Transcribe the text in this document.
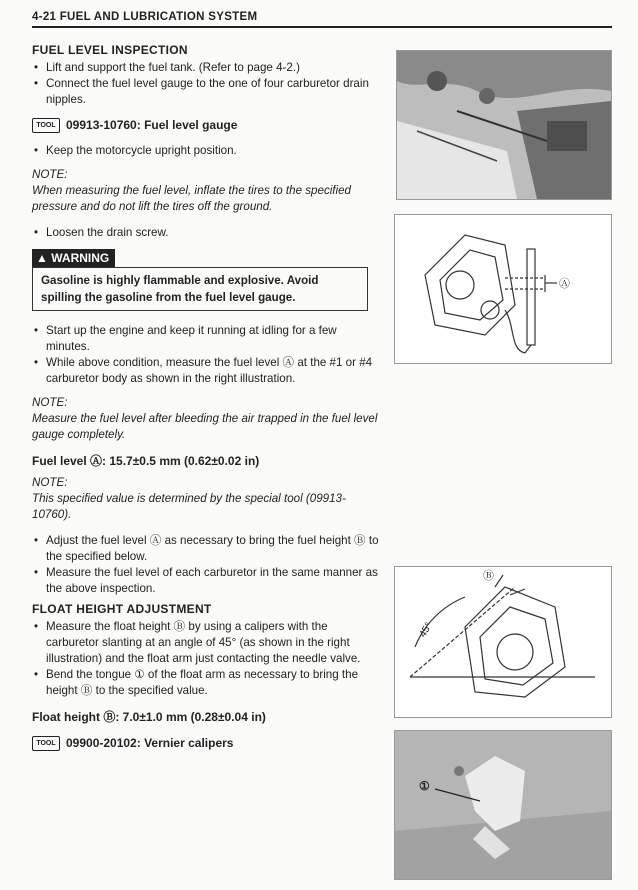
4-21 FUEL AND LUBRICATION SYSTEM
FUEL LEVEL INSPECTION
• Lift and support the fuel tank. (Refer to page 4-2.)
• Connect the fuel level gauge to the one of four carburetor drain nipples.
TOOL 09913-10760: Fuel level gauge
• Keep the motorcycle upright position.
NOTE:
When measuring the fuel level, inflate the tires to the specified pressure and do not lift the tires off the ground.
• Loosen the drain screw.
▲ WARNING
Gasoline is highly flammable and explosive. Avoid spilling the gasoline from the fuel level gauge.
• Start up the engine and keep it running at idling for a few minutes.
• While above condition, measure the fuel level Ⓐ at the #1 or #4 carburetor body as shown in the right illustration.
NOTE:
Measure the fuel level after bleeding the air trapped in the fuel level gauge completely.
Fuel level Ⓐ: 15.7±0.5 mm (0.62±0.02 in)
NOTE:
This specified value is determined by the special tool (09913-10760).
• Adjust the fuel level Ⓐ as necessary to bring the fuel height Ⓑ to the specified below.
• Measure the fuel level of each carburetor in the same manner as the above inspection.
FLOAT HEIGHT ADJUSTMENT
• Measure the float height Ⓑ by using a calipers with the carburetor slanting at an angle of 45° (as shown in the right illustration) and the float arm just contacting the needle valve.
• Bend the tongue ① of the float arm as necessary to bring the height Ⓑ to the specified value.
Float height Ⓑ: 7.0±1.0 mm (0.28±0.04 in)
TOOL 09900-20102: Vernier calipers
Ⓐ
Ⓑ
45°
①
